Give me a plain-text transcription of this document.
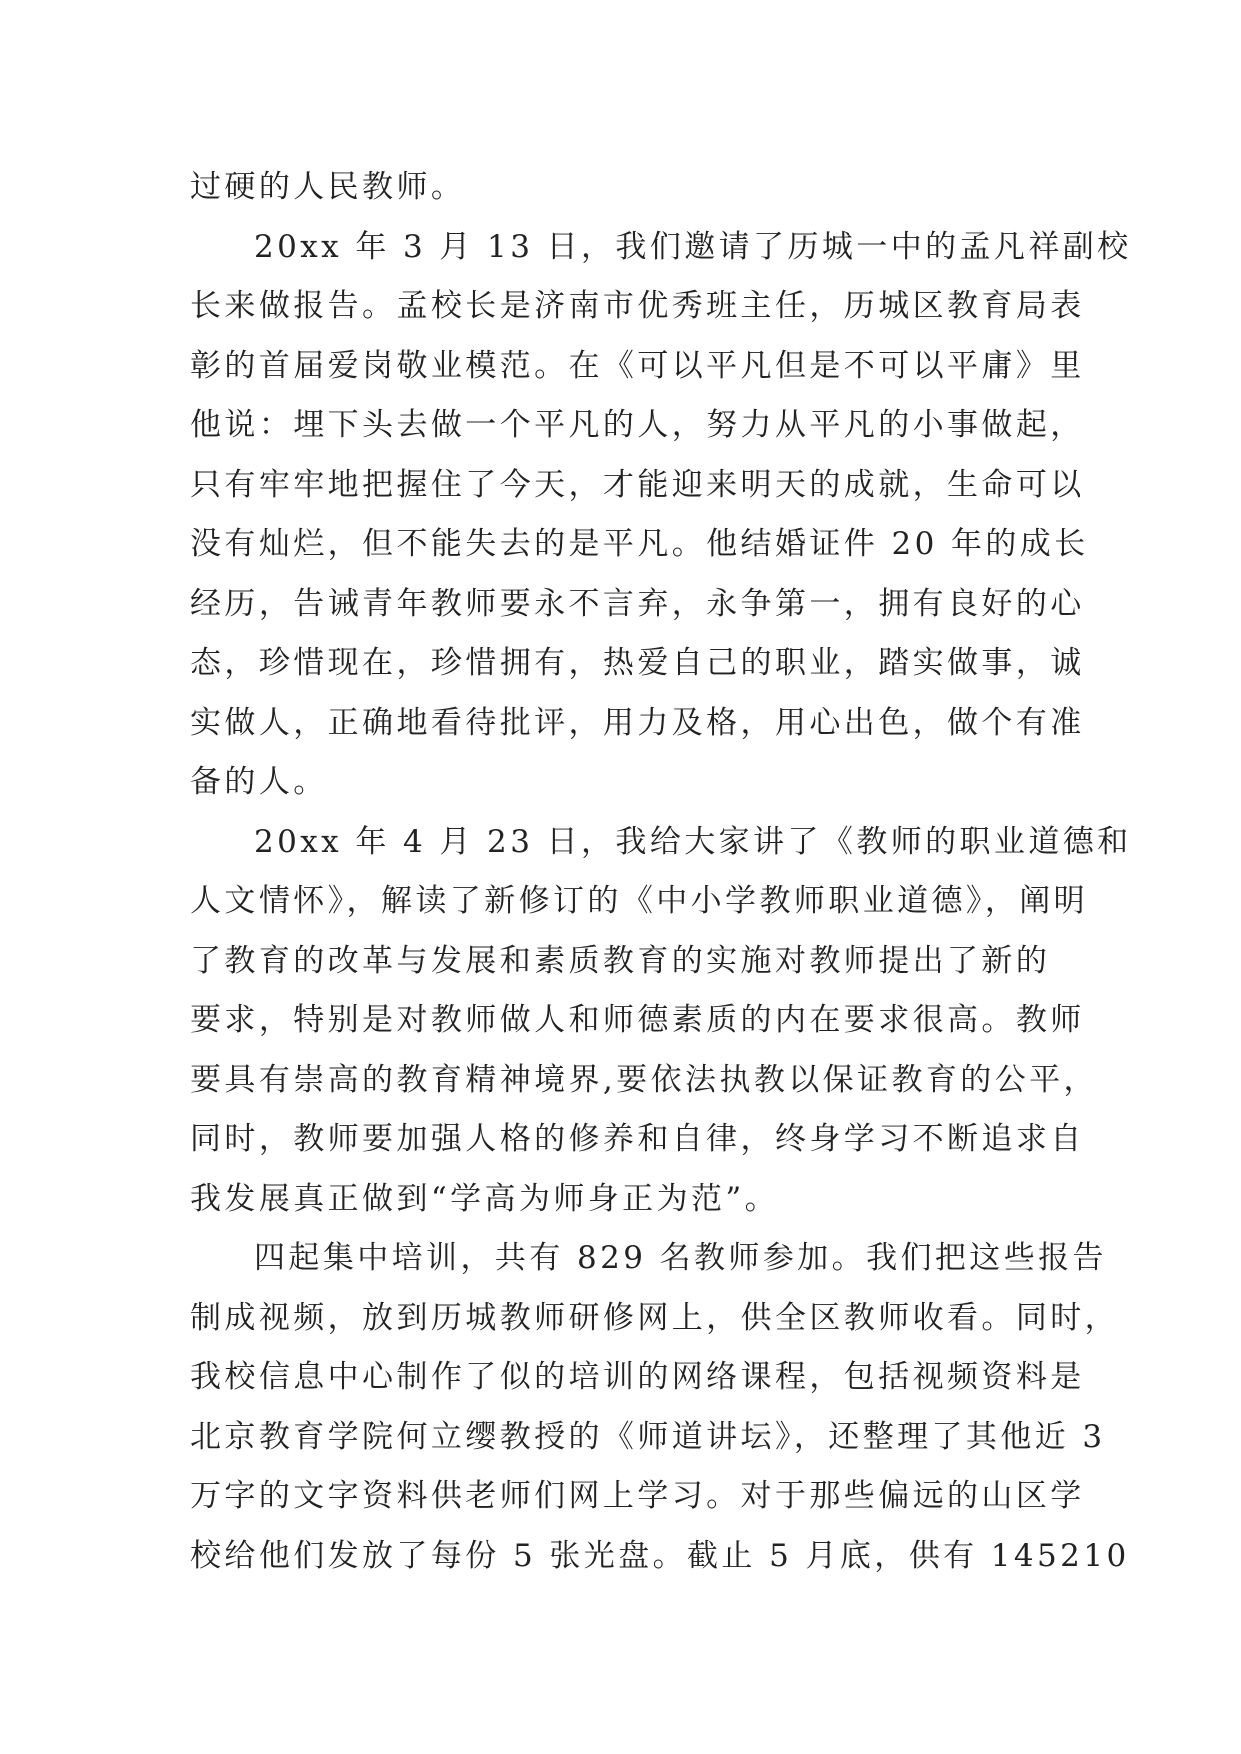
过硬的人民教师。
20xx 年 3 月 13 日，我们邀请了历城一中的孟凡祥副校
长来做报告。孟校长是济南市优秀班主任，历城区教育局表
彰的首届爱岗敬业模范。在《可以平凡但是不可以平庸》里
他说：埋下头去做一个平凡的人，努力从平凡的小事做起，
只有牢牢地把握住了今天，才能迎来明天的成就，生命可以
没有灿烂，但不能失去的是平凡。他结婚证件 20 年的成长
经历，告诫青年教师要永不言弃，永争第一，拥有良好的心
态，珍惜现在，珍惜拥有，热爱自己的职业，踏实做事，诚
实做人，正确地看待批评，用力及格，用心出色，做个有准
备的人。
20xx 年 4 月 23 日，我给大家讲了《教师的职业道德和
人文情怀》，解读了新修订的《中小学教师职业道德》，阐明
了教育的改革与发展和素质教育的实施对教师提出了新的
要求，特别是对教师做人和师德素质的内在要求很高。教师
要具有崇高的教育精神境界,要依法执教以保证教育的公平，
同时，教师要加强人格的修养和自律，终身学习不断追求自
我发展真正做到“学高为师身正为范”。
四起集中培训，共有 829 名教师参加。我们把这些报告
制成视频，放到历城教师研修网上，供全区教师收看。同时，
我校信息中心制作了似的培训的网络课程，包括视频资料是
北京教育学院何立缨教授的《师道讲坛》，还整理了其他近 3
万字的文字资料供老师们网上学习。对于那些偏远的山区学
校给他们发放了每份 5 张光盘。截止 5 月底，供有 145210
